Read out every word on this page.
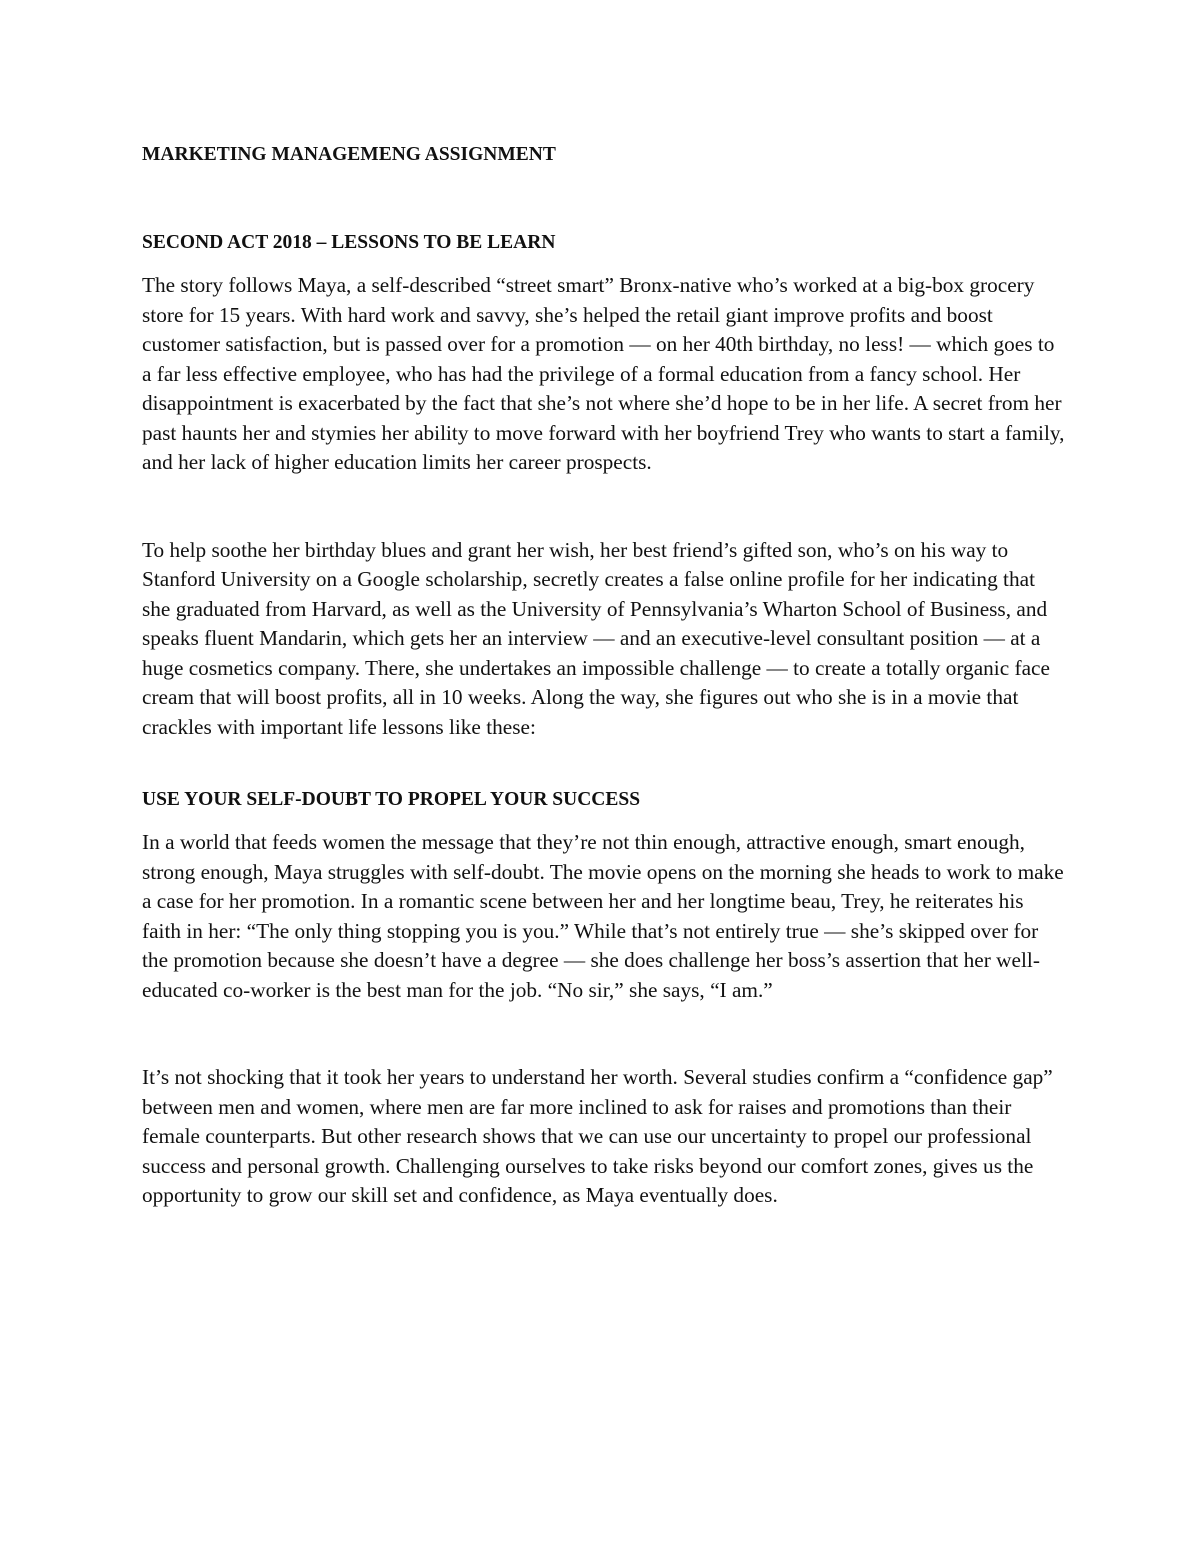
MARKETING MANAGEMENG ASSIGNMENT
SECOND ACT 2018 – LESSONS TO BE LEARN

The story follows Maya, a self-described “street smart” Bronx-native who’s worked at a big-box grocery store for 15 years. With hard work and savvy, she’s helped the retail giant improve profits and boost customer satisfaction, but is passed over for a promotion — on her 40th birthday, no less! — which goes to a far less effective employee, who has had the privilege of a formal education from a fancy school. Her disappointment is exacerbated by the fact that she’s not where she’d hope to be in her life. A secret from her past haunts her and stymies her ability to move forward with her boyfriend Trey who wants to start a family, and her lack of higher education limits her career prospects.

To help soothe her birthday blues and grant her wish, her best friend’s gifted son, who’s on his way to Stanford University on a Google scholarship, secretly creates a false online profile for her indicating that she graduated from Harvard, as well as the University of Pennsylvania’s Wharton School of Business, and speaks fluent Mandarin, which gets her an interview — and an executive-level consultant position — at a huge cosmetics company. There, she undertakes an impossible challenge — to create a totally organic face cream that will boost profits, all in 10 weeks. Along the way, she figures out who she is in a movie that crackles with important life lessons like these:

USE YOUR SELF-DOUBT TO PROPEL YOUR SUCCESS

In a world that feeds women the message that they’re not thin enough, attractive enough, smart enough, strong enough, Maya struggles with self-doubt. The movie opens on the morning she heads to work to make a case for her promotion. In a romantic scene between her and her longtime beau, Trey, he reiterates his faith in her: “The only thing stopping you is you.” While that’s not entirely true — she’s skipped over for the promotion because she doesn’t have a degree — she does challenge her boss’s assertion that her well-educated co-worker is the best man for the job. “No sir,” she says, “I am.”

It’s not shocking that it took her years to understand her worth. Several studies confirm a “confidence gap” between men and women, where men are far more inclined to ask for raises and promotions than their female counterparts. But other research shows that we can use our uncertainty to propel our professional success and personal growth. Challenging ourselves to take risks beyond our comfort zones, gives us the opportunity to grow our skill set and confidence, as Maya eventually does.
